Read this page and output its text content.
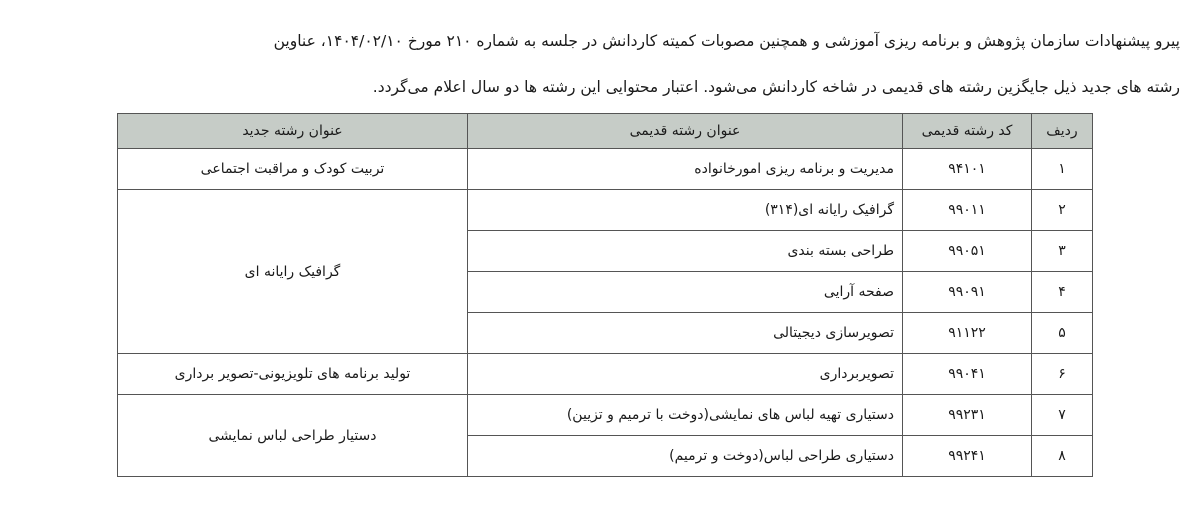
پیرو پیشنهادات سازمان پژوهش و برنامه ریزی آموزشی و همچنین مصوبات کمیته کاردانش در جلسه به شماره ۲۱۰ مورخ ۱۴۰۴/۰۲/۱۰، عناوین
رشته های جدید ذیل جایگزین رشته های قدیمی در شاخه کاردانش می‌شود. اعتبار محتوایی این رشته ها دو سال اعلام می‌گردد.
ردیف	کد رشته قدیمی	عنوان رشته قدیمی	عنوان رشته جدید
۱	۹۴۱۰۱	مدیریت و برنامه ریزی امورخانواده	تربیت کودک و مراقبت اجتماعی
۲	۹۹۰۱۱	گرافیک رایانه ای(۳۱۴)	گرافیک رایانه ای
۳	۹۹۰۵۱	طراحی بسته بندی	
۴	۹۹۰۹۱	صفحه آرایی	
۵	۹۱۱۲۲	تصویرسازی دیجیتالی	
۶	۹۹۰۴۱	تصویربرداری	تولید برنامه های تلویزیونی-تصویر برداری
۷	۹۹۲۳۱	دستیاری تهیه لباس های نمایشی(دوخت با ترمیم و تزیین)	دستیار طراحی لباس نمایشی
۸	۹۹۲۴۱	دستیاری طراحی لباس(دوخت و ترمیم)	
